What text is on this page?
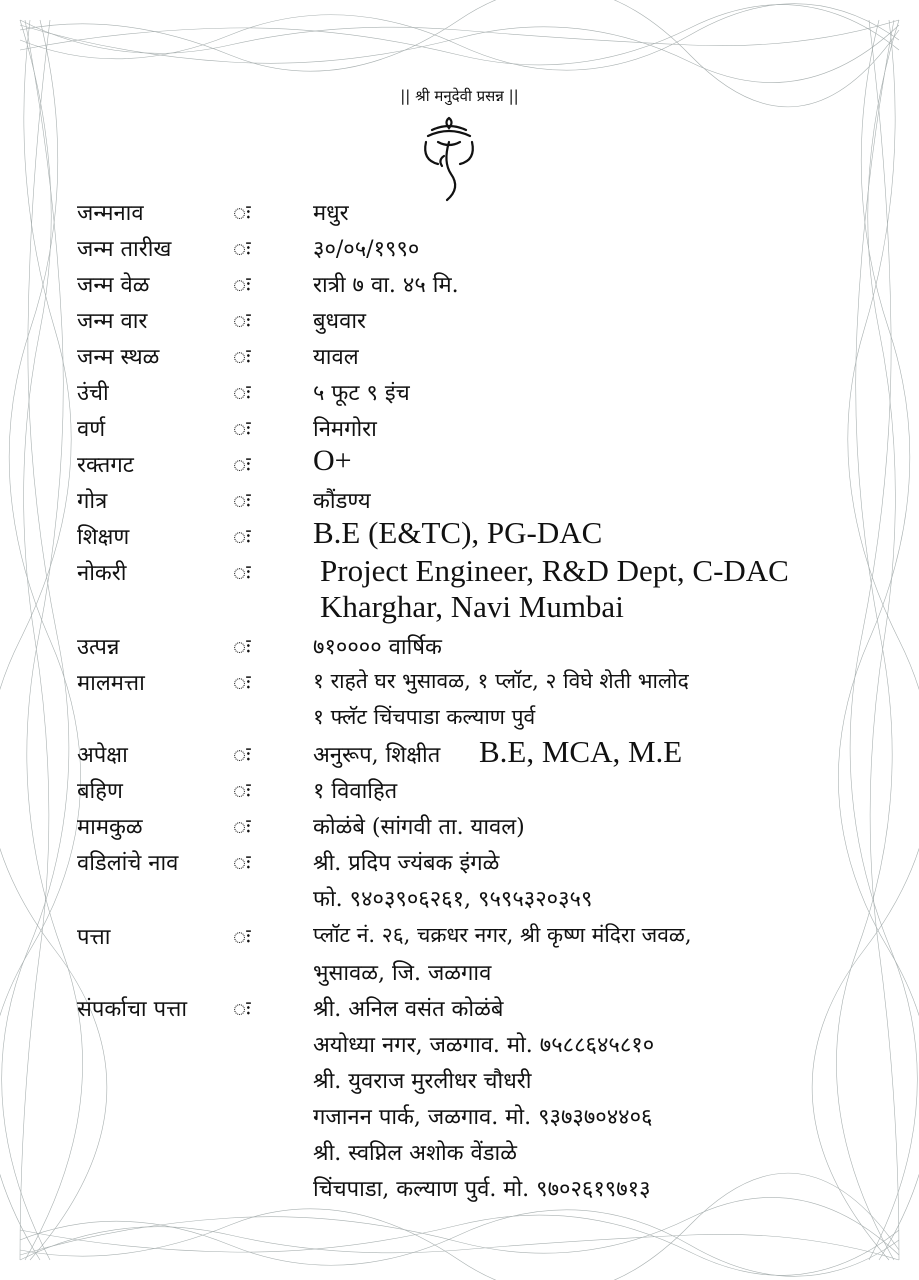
|| श्री मनुदेवी प्रसन्न ||
जन्मनाव	ः	मधुर
जन्म तारीख	ः	३०/०५/१९९०
जन्म वेळ	ः	रात्री ७ वा. ४५ मि.
जन्म वार	ः	बुधवार
जन्म स्थळ	ः	यावल
उंची	ः	५ फूट ९ इंच
वर्ण	ः	निमगोरा
रक्तगट	ः O+
गोत्र	ः	कौंडण्य
शिक्षण	ः B.E (E&TC), PG-DAC
नोकरी	ः Project Engineer, R&D Dept, C-DAC
Kharghar, Navi Mumbai
उत्पन्न	ः	७१०००० वार्षिक
मालमत्ता	ः	१ राहते घर भुसावळ, १ प्लॉट, २ विघे शेती भालोद
१ फ्लॅट चिंचपाडा कल्याण पुर्व
अपेक्षा	ः	अनुरूप, शिक्षीत B.E, MCA, M.E
बहिण	ः	१ विवाहित
मामकुळ	ः	कोळंबे (सांगवी ता. यावल)
वडिलांचे नाव ः	श्री. प्रदिप ज्यंबक इंगळे
फो. ९४०३९०६२६१, ९५९५३२०३५९
पत्ता	ः	प्लॉट नं. २६, चक्रधर नगर, श्री कृष्ण मंदिरा जवळ,
भुसावळ, जि. जळगाव
संपर्काचा पत्ता ः	श्री. अनिल वसंत कोळंबे
अयोध्या नगर, जळगाव. मो. ७५८८६४५८१०
श्री. युवराज मुरलीधर चौधरी
गजानन पार्क, जळगाव. मो. ९३७३७०४४०६
श्री. स्वप्निल अशोक वेंडाळे
चिंचपाडा, कल्याण पुर्व. मो. ९७०२६१९७१३
